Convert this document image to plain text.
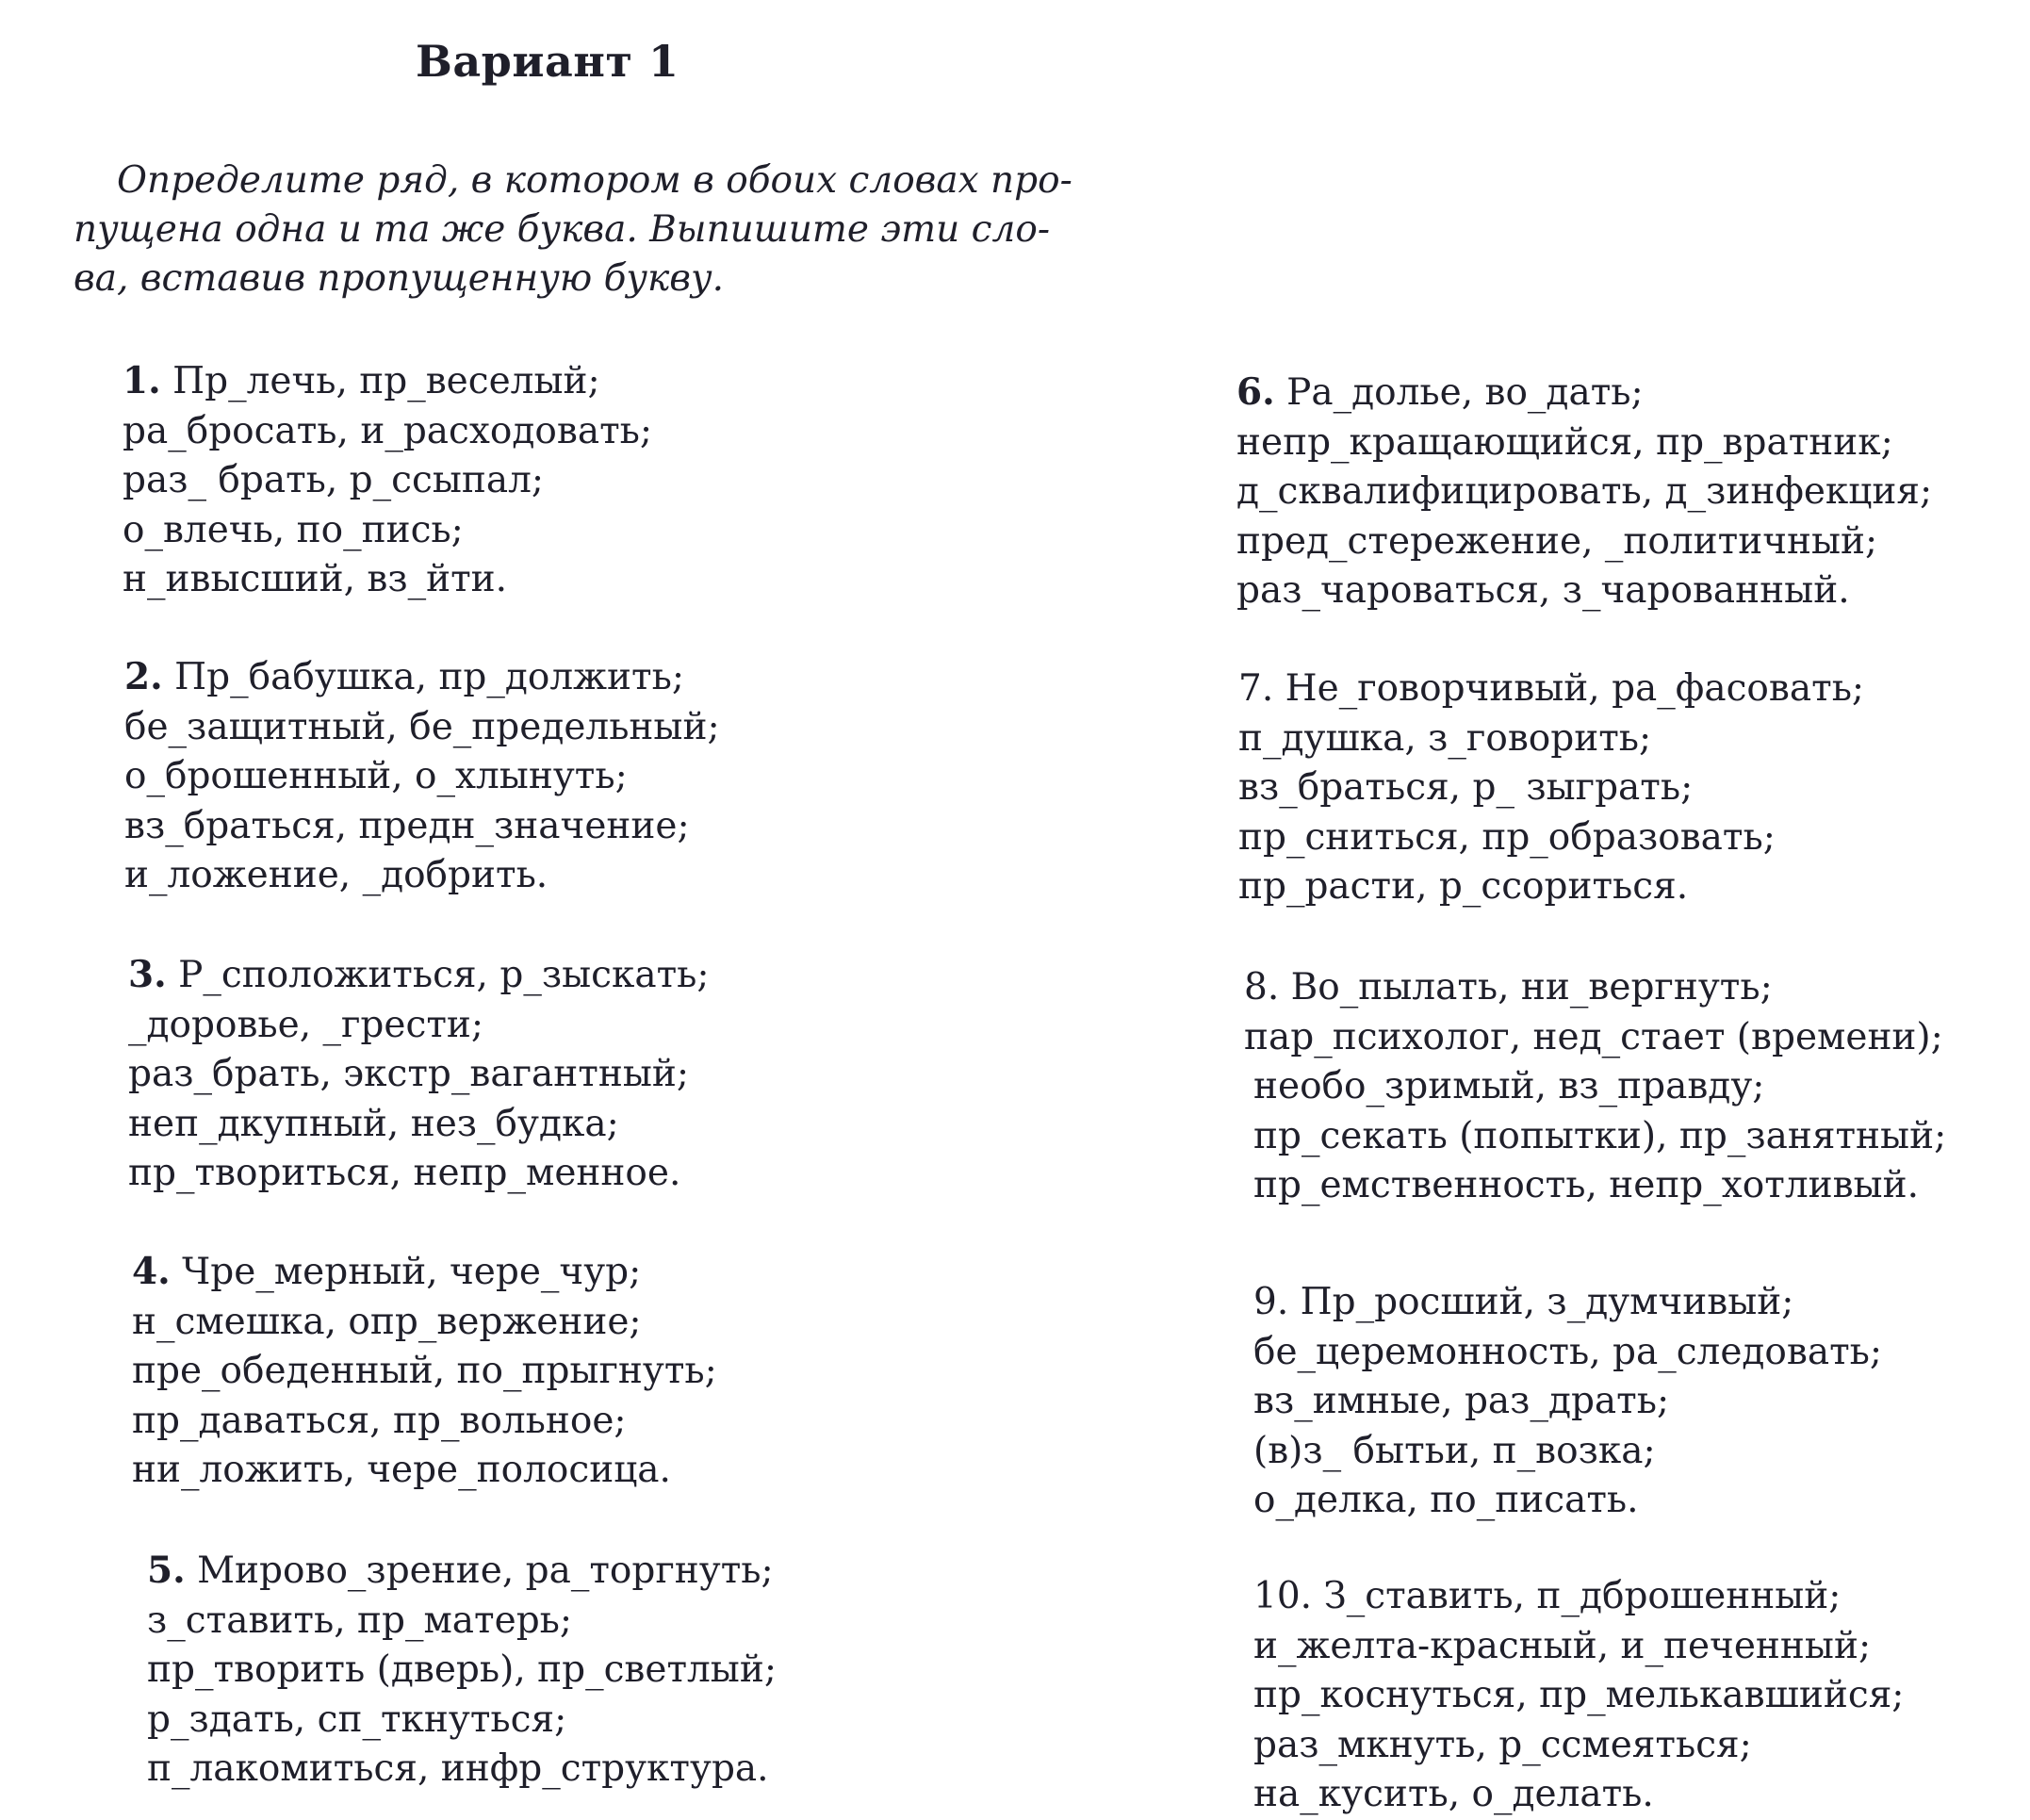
Вариант 1
Определите ряд, в котором в обоих словах про-
пущена одна и та же буква. Выпишите эти сло-
ва, вставив пропущенную букву.
1. Пр_лечь, пр_веселый;
ра_бросать, и_расходовать;
раз_ брать, р_ссыпал;
о_влечь, по_пись;
н_ивысший, вз_йти.
2. Пр_бабушка, пр_должить;
бе_защитный, бе_предельный;
о_брошенный, о_хлынуть;
вз_браться, предн_значение;
и_ложение, _добрить.
3. Р_сположиться, р_зыскать;
_доровье, _грести;
раз_брать, экстр_вагантный;
неп_дкупный, нез_будка;
пр_твориться, непр_менное.
4. Чре_мерный, чере_чур;
н_смешка, опр_вержение;
пре_обеденный, по_прыгнуть;
пр_даваться, пр_вольное;
ни_ложить, чере_полосица.
5. Мирово_зрение, ра_торгнуть;
з_ставить, пр_матерь;
пр_творить (дверь), пр_светлый;
р_здать, сп_ткнуться;
п_лакомиться, инфр_структура.
6. Ра_долье, во_дать;
непр_кращающийся, пр_вратник;
д_сквалифицировать, д_зинфекция;
пред_стережение, _политичный;
раз_чароваться, з_чарованный.
7. Не_говорчивый, ра_фасовать;
п_душка, з_говорить;
вз_браться, р_ зыграть;
пр_сниться, пр_образовать;
пр_расти, р_ссориться.
8. Во_пылать, ни_вергнуть;
пар_психолог, нед_стает (времени);
необо_зримый, вз_правду;
пр_секать (попытки), пр_занятный;
пр_емственность, непр_хотливый.
9. Пр_росший, з_думчивый;
бе_церемонность, ра_следовать;
вз_имные, раз_драть;
(в)з_ бытьи, п_возка;
о_делка, по_писать.
10. З_ставить, п_дброшенный;
и_желта-красный, и_печенный;
пр_коснуться, пр_мелькавшийся;
раз_мкнуть, р_ссмеяться;
на_кусить, о_делать.
